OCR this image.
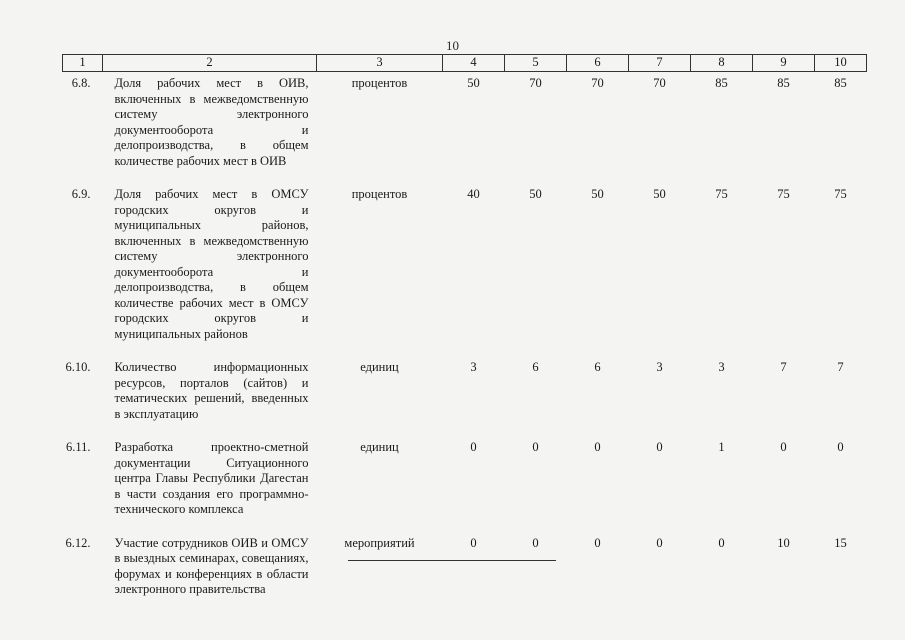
10
1	2	3	4	5	6	7	8	9	10
6.8.	Доля рабочих мест в ОИВ, включенных в межведомственную систему электронного документооборота и делопроизводства, в общем количестве рабочих мест в ОИВ	процентов	50	70	70	70	85	85	85
6.9.	Доля рабочих мест в ОМСУ городских округов и муниципальных районов, включенных в межведомственную систему электронного документооборота и делопроизводства, в общем количестве рабочих мест в ОМСУ городских округов и муниципальных районов	процентов	40	50	50	50	75	75	75
6.10.	Количество информационных ресурсов, порталов (сайтов) и тематических решений, введенных в эксплуатацию	единиц	3	6	6	3	3	7	7
6.11.	Разработка проектно-сметной документации Ситуационного центра Главы Республики Дагестан в части создания его программно-технического комплекса	единиц	0	0	0	0	1	0	0
6.12.	Участие сотрудников ОИВ и ОМСУ в выездных семинарах, совещаниях, форумах и конференциях в области электронного правительства	мероприятий	0	0	0	0	0	10	15
